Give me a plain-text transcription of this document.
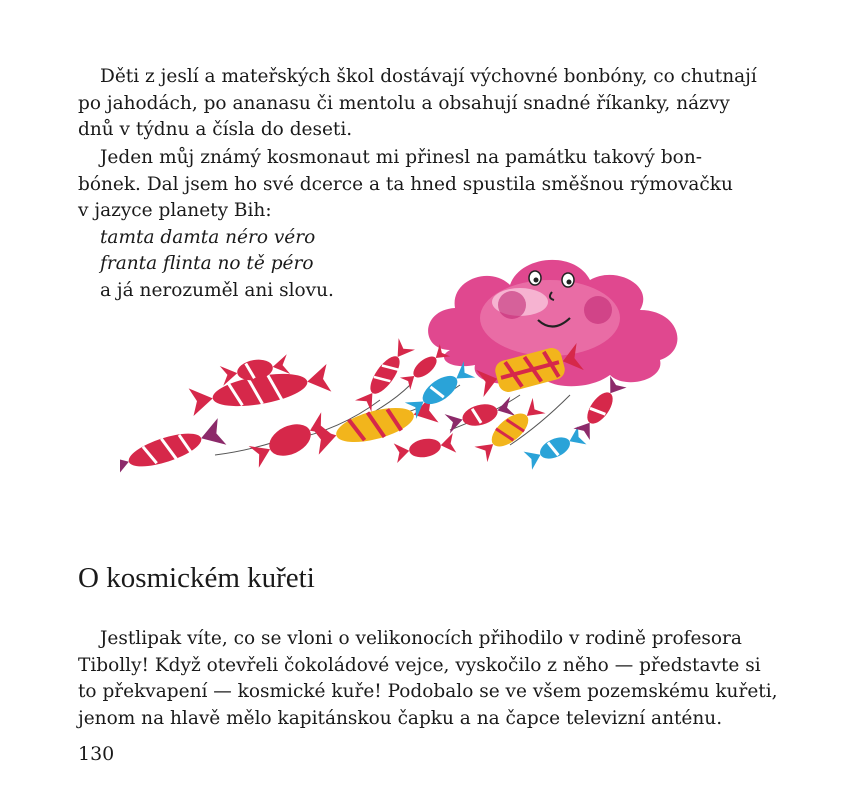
Děti z jeslí a mateřských škol dostávají výchovné bonbóny, co chutnají
po jahodách, po ananasu či mentolu a obsahují snadné říkanky, názvy
dnů v týdnu a čísla do deseti.

Jeden můj známý kosmonaut mi přinesl na památku takový bon-
bónek. Dal jsem ho své dcerce a ta hned spustila směšnou rýmovačku
v jazyce planety Bih:
tamta damta néro véro
franta flinta no tě péro
a já nerozuměl ani slovu.

O kosmickém kuřeti

Jestlipak víte, co se vloni o velikonocích přihodilo v rodině profesora
Tibolly! Když otevřeli čokoládové vejce, vyskočilo z něho — představte si
to překvapení — kosmické kuře! Podobalo se ve všem pozemskému kuřeti,
jenom na hlavě mělo kapitánskou čapku a na čapce televizní anténu.

130
